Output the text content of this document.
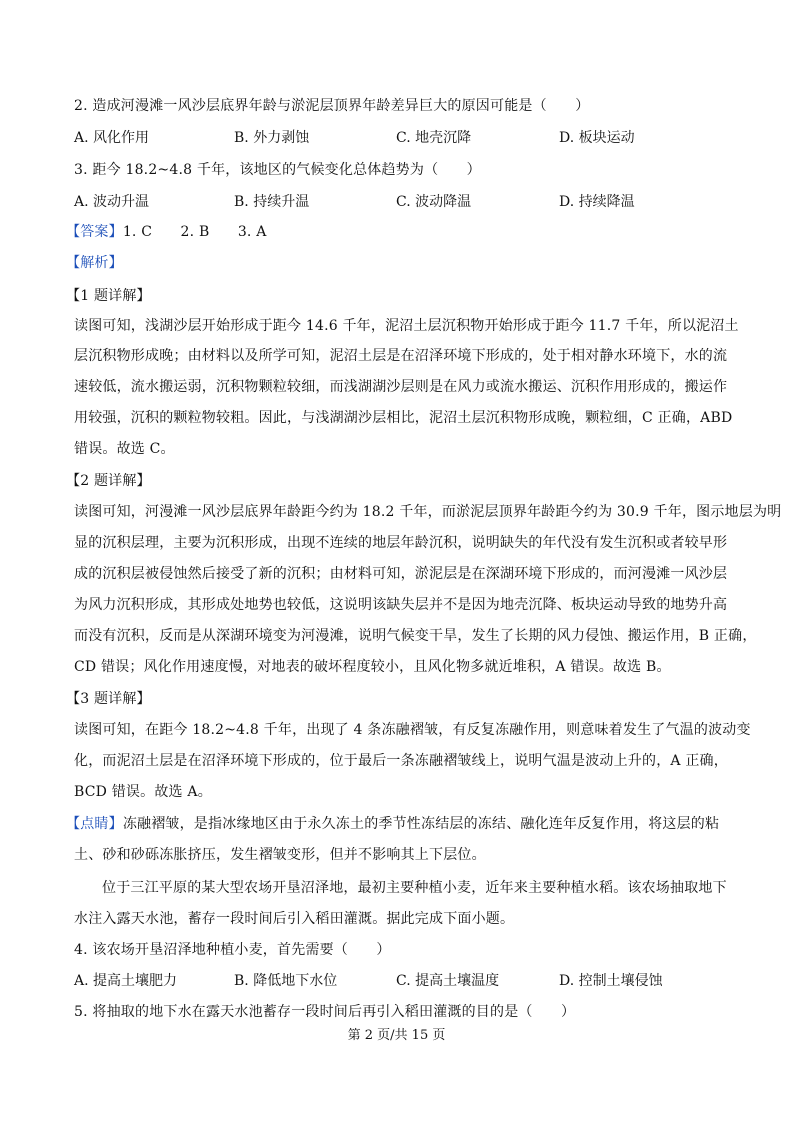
2. 造成河漫滩一风沙层底界年龄与淤泥层顶界年龄差异巨大的原因可能是（　　）
A. 风化作用	B. 外力剥蚀	C. 地壳沉降	D. 板块运动
3. 距今 18.2~4.8 千年，该地区的气候变化总体趋势为（　　）
A. 波动升温	B. 持续升温	C. 波动降温	D. 持续降温
【答案】1. C　　2. B　　3. A
【解析】
【1 题详解】
读图可知，浅湖沙层开始形成于距今 14.6 千年，泥沼土层沉积物开始形成于距今 11.7 千年，所以泥沼土
层沉积物形成晚；由材料以及所学可知，泥沼土层是在沼泽环境下形成的，处于相对静水环境下，水的流
速较低，流水搬运弱，沉积物颗粒较细，而浅湖湖沙层则是在风力或流水搬运、沉积作用形成的，搬运作
用较强，沉积的颗粒物较粗。因此，与浅湖湖沙层相比，泥沼土层沉积物形成晚，颗粒细，C 正确，ABD
错误。故选 C。
【2 题详解】
读图可知，河漫滩一风沙层底界年龄距今约为 18.2 千年，而淤泥层顶界年龄距今约为 30.9 千年，图示地层为明
显的沉积层理，主要为沉积形成，出现不连续的地层年龄沉积，说明缺失的年代没有发生沉积或者较早形
成的沉积层被侵蚀然后接受了新的沉积；由材料可知，淤泥层是在深湖环境下形成的，而河漫滩一风沙层
为风力沉积形成，其形成处地势也较低，这说明该缺失层并不是因为地壳沉降、板块运动导致的地势升高
而没有沉积，反而是从深湖环境变为河漫滩，说明气候变干旱，发生了长期的风力侵蚀、搬运作用，B 正确，
CD 错误；风化作用速度慢，对地表的破坏程度较小，且风化物多就近堆积，A 错误。故选 B。
【3 题详解】
读图可知，在距今 18.2~4.8 千年，出现了 4 条冻融褶皱，有反复冻融作用，则意味着发生了气温的波动变
化，而泥沼土层是在沼泽环境下形成的，位于最后一条冻融褶皱线上，说明气温是波动上升的，A 正确，
BCD 错误。故选 A。
【点睛】冻融褶皱，是指冰缘地区由于永久冻土的季节性冻结层的冻结、融化连年反复作用，将这层的粘
土、砂和砂砾冻胀挤压，发生褶皱变形，但并不影响其上下层位。
位于三江平原的某大型农场开垦沼泽地，最初主要种植小麦，近年来主要种植水稻。该农场抽取地下
水注入露天水池，蓄存一段时间后引入稻田灌溉。据此完成下面小题。
4. 该农场开垦沼泽地种植小麦，首先需要（　　）
A. 提高土壤肥力	B. 降低地下水位	C. 提高土壤温度	D. 控制土壤侵蚀
5. 将抽取的地下水在露天水池蓄存一段时间后再引入稻田灌溉的目的是（　　）
第 2 页/共 15 页
